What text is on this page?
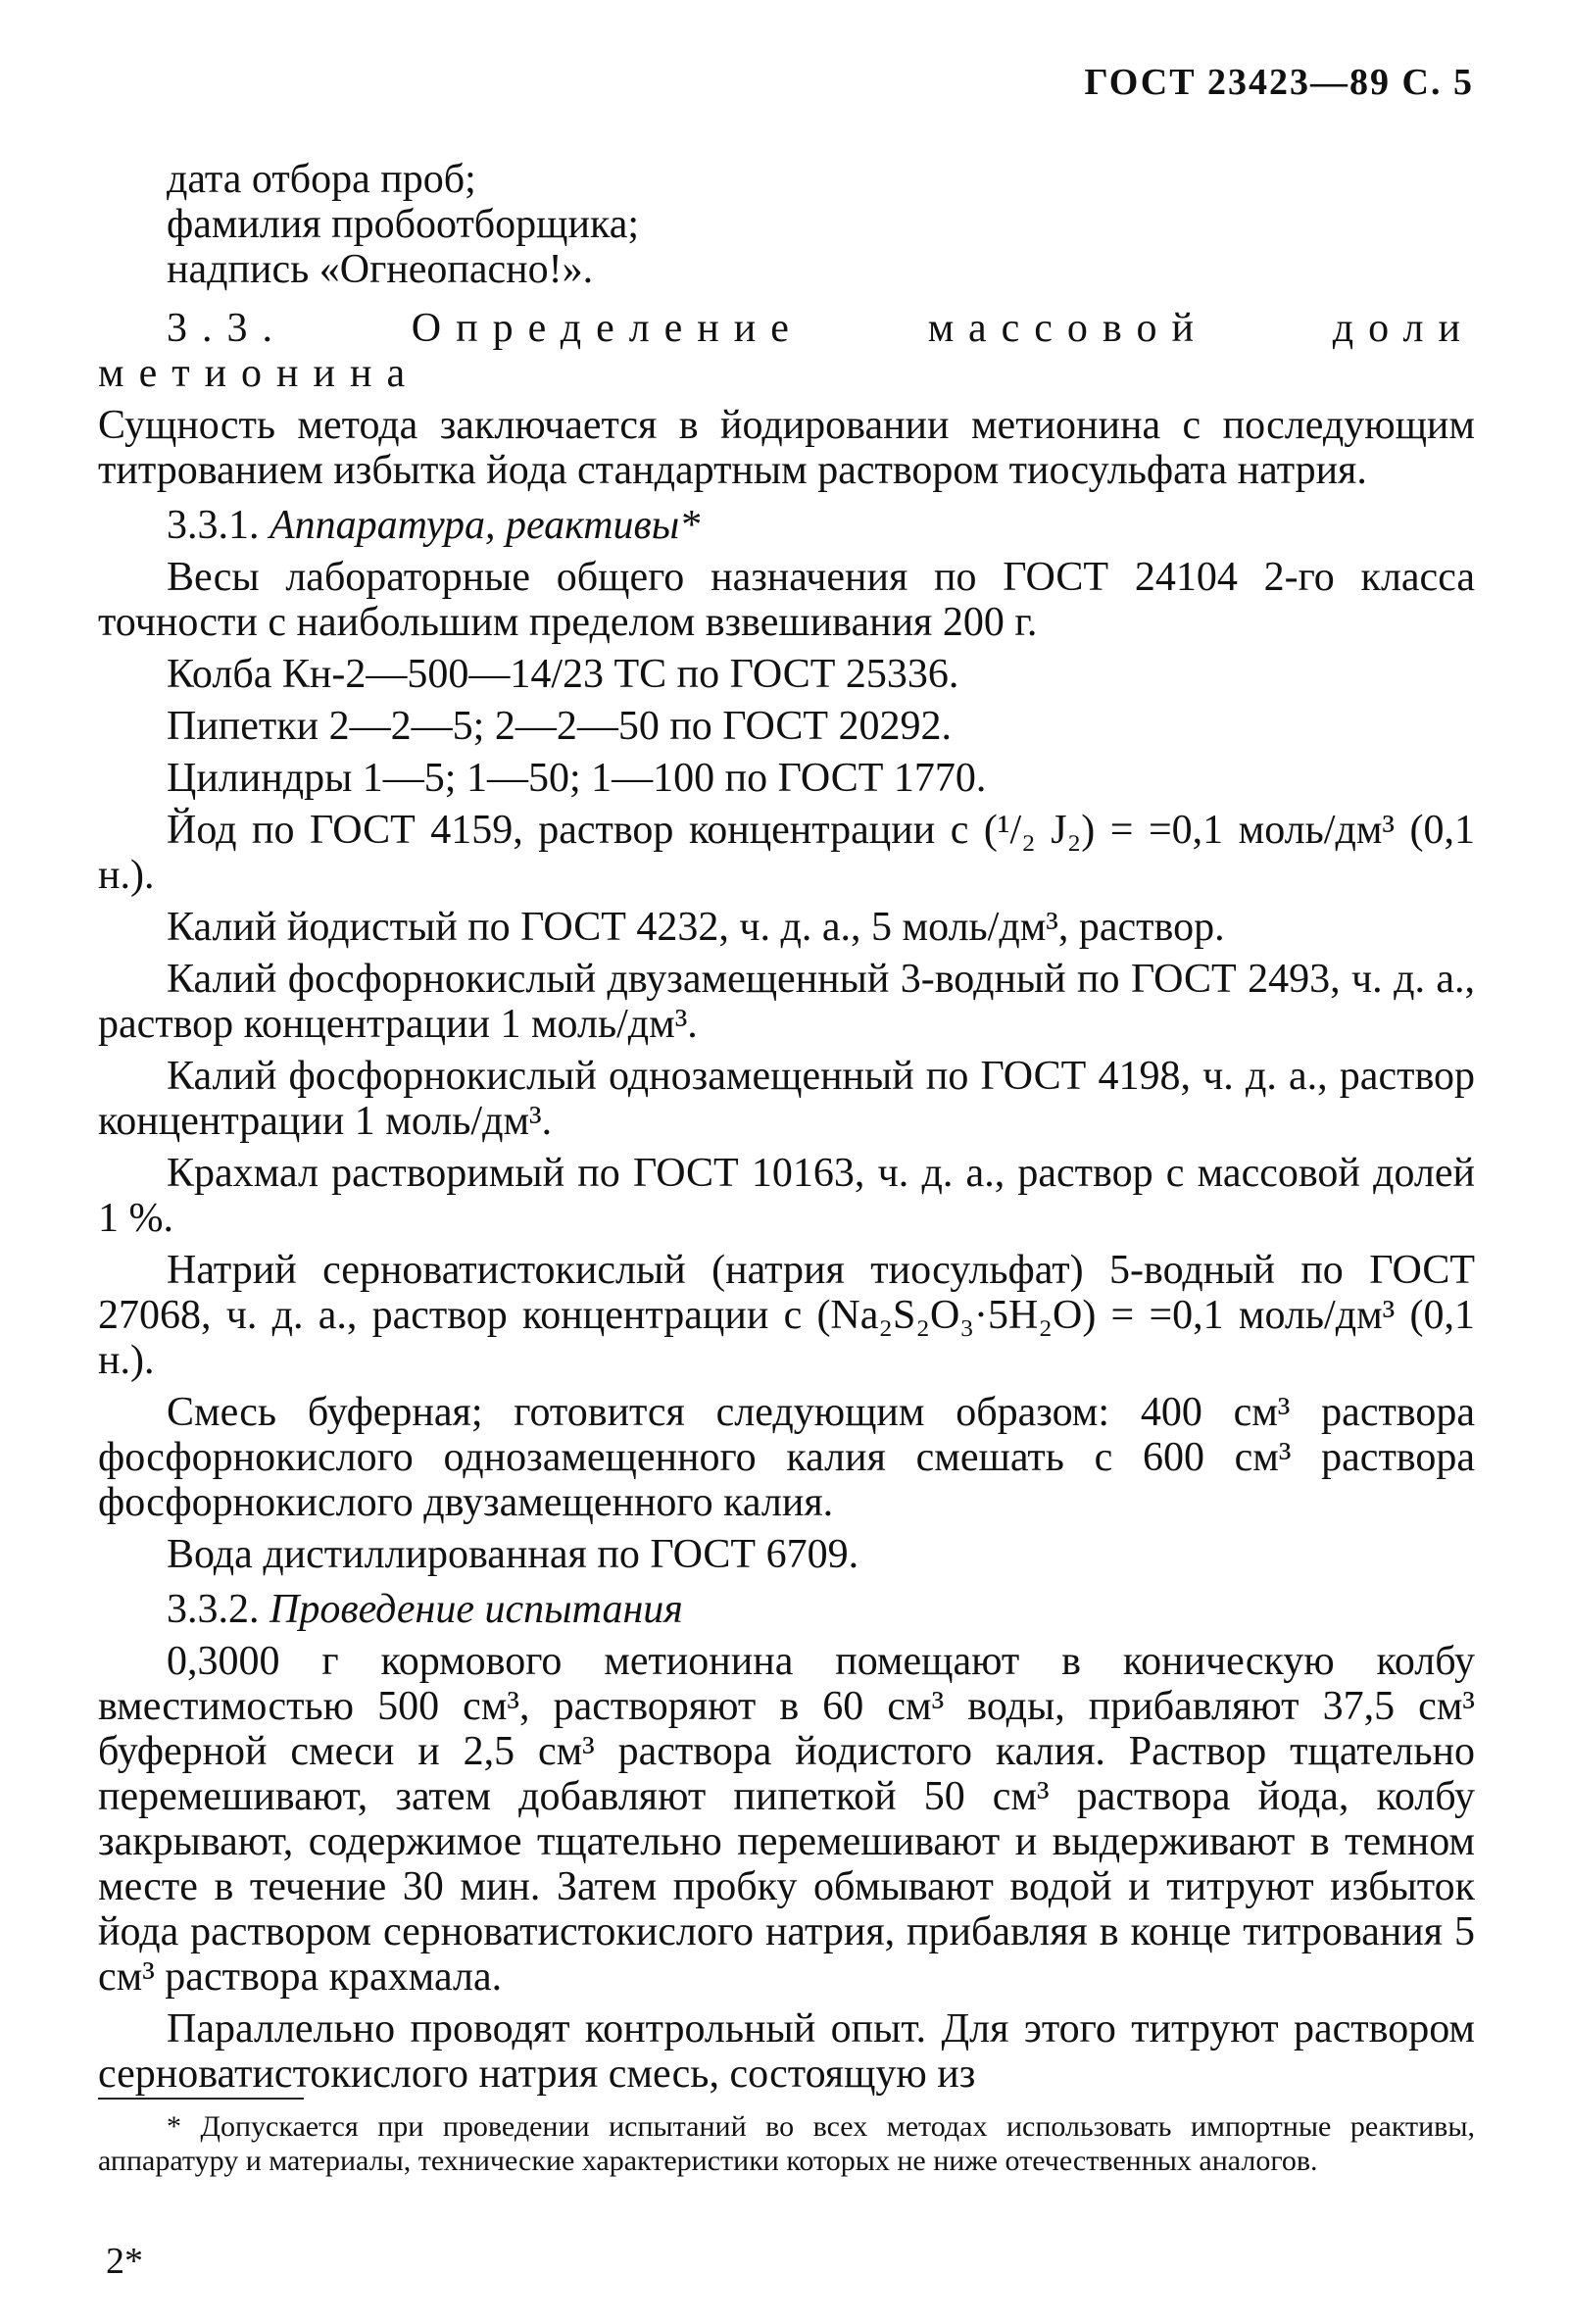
ГОСТ 23423—89 С. 5

дата отбора проб;

фамилия пробоотборщика;

надпись «Огнеопасно!».

3.3. Определение массовой доли метионина

Сущность метода заключается в йодировании метионина с последующим титрованием избытка йода стандартным раствором тиосульфата натрия.

3.3.1. Аппаратура, реактивы*

Весы лабораторные общего назначения по ГОСТ 24104 2-го класса точности с наибольшим пределом взвешивания 200 г.

Колба Кн-2—500—14/23 ТС по ГОСТ 25336.

Пипетки 2—2—5; 2—2—50 по ГОСТ 20292.

Цилиндры 1—5; 1—50; 1—100 по ГОСТ 1770.

Йод по ГОСТ 4159, раствор концентрации с (¹/₂ J₂) = =0,1 моль/дм³ (0,1 н.).

Калий йодистый по ГОСТ 4232, ч. д. а., 5 моль/дм³, раствор.

Калий фосфорнокислый двузамещенный 3-водный по ГОСТ 2493, ч. д. а., раствор концентрации 1 моль/дм³.

Калий фосфорнокислый однозамещенный по ГОСТ 4198, ч. д. а., раствор концентрации 1 моль/дм³.

Крахмал растворимый по ГОСТ 10163, ч. д. а., раствор с массовой долей 1 %.

Натрий серноватистокислый (натрия тиосульфат) 5-водный по ГОСТ 27068, ч. д. а., раствор концентрации с (Na₂S₂O₃·5H₂O) = =0,1 моль/дм³ (0,1 н.).

Смесь буферная; готовится следующим образом: 400 см³ раствора фосфорнокислого однозамещенного калия смешать с 600 см³ раствора фосфорнокислого двузамещенного калия.

Вода дистиллированная по ГОСТ 6709.

3.3.2. Проведение испытания

0,3000 г кормового метионина помещают в коническую колбу вместимостью 500 см³, растворяют в 60 см³ воды, прибавляют 37,5 см³ буферной смеси и 2,5 см³ раствора йодистого калия. Раствор тщательно перемешивают, затем добавляют пипеткой 50 см³ раствора йода, колбу закрывают, содержимое тщательно перемешивают и выдерживают в темном месте в течение 30 мин. Затем пробку обмывают водой и титруют избыток йода раствором серноватистокислого натрия, прибавляя в конце титрования 5 см³ раствора крахмала.

Параллельно проводят контрольный опыт. Для этого титруют раствором серноватистокислого натрия смесь, состоящую из

* Допускается при проведении испытаний во всех методах использовать импортные реактивы, аппаратуру и материалы, технические характеристики которых не ниже отечественных аналогов.
2*
